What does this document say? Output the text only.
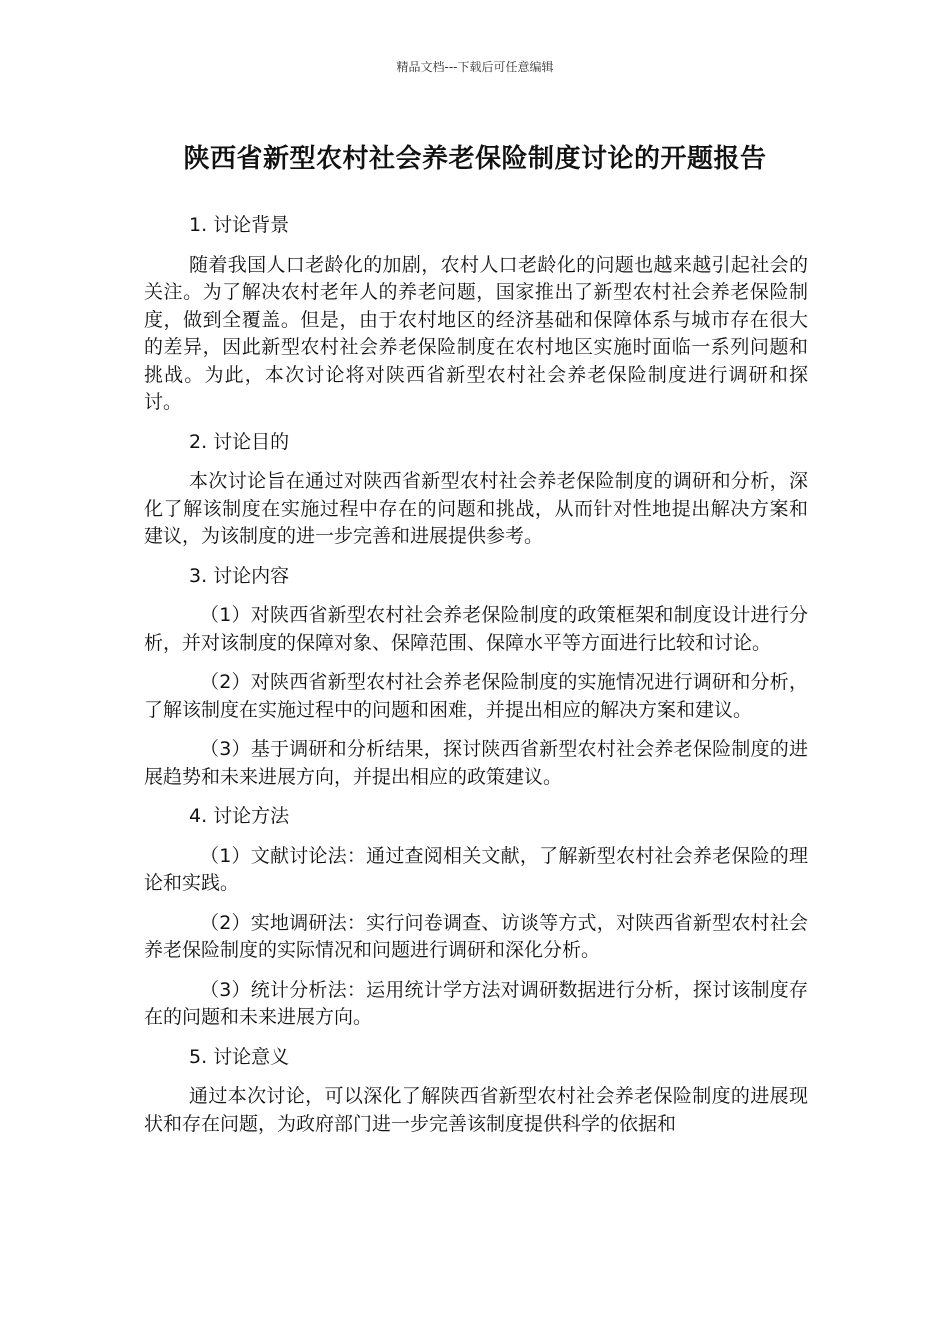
精品文档---下载后可任意编辑
陕西省新型农村社会养老保险制度讨论的开题报告

1. 讨论背景

随着我国人口老龄化的加剧，农村人口老龄化的问题也越来越引起社会的关注。为了解决农村老年人的养老问题，国家推出了新型农村社会养老保险制度，做到全覆盖。但是，由于农村地区的经济基础和保障体系与城市存在很大的差异，因此新型农村社会养老保险制度在农村地区实施时面临一系列问题和挑战。为此，本次讨论将对陕西省新型农村社会养老保险制度进行调研和探讨。

2. 讨论目的

本次讨论旨在通过对陕西省新型农村社会养老保险制度的调研和分析，深化了解该制度在实施过程中存在的问题和挑战，从而针对性地提出解决方案和建议，为该制度的进一步完善和进展提供参考。

3. 讨论内容

（1）对陕西省新型农村社会养老保险制度的政策框架和制度设计进行分析，并对该制度的保障对象、保障范围、保障水平等方面进行比较和讨论。

（2）对陕西省新型农村社会养老保险制度的实施情况进行调研和分析，了解该制度在实施过程中的问题和困难，并提出相应的解决方案和建议。

（3）基于调研和分析结果，探讨陕西省新型农村社会养老保险制度的进展趋势和未来进展方向，并提出相应的政策建议。

4. 讨论方法

（1）文献讨论法：通过查阅相关文献，了解新型农村社会养老保险的理论和实践。

（2）实地调研法：实行问卷调查、访谈等方式，对陕西省新型农村社会养老保险制度的实际情况和问题进行调研和深化分析。

（3）统计分析法：运用统计学方法对调研数据进行分析，探讨该制度存在的问题和未来进展方向。

5. 讨论意义

通过本次讨论，可以深化了解陕西省新型农村社会养老保险制度的进展现状和存在问题，为政府部门进一步完善该制度提供科学的依据和
